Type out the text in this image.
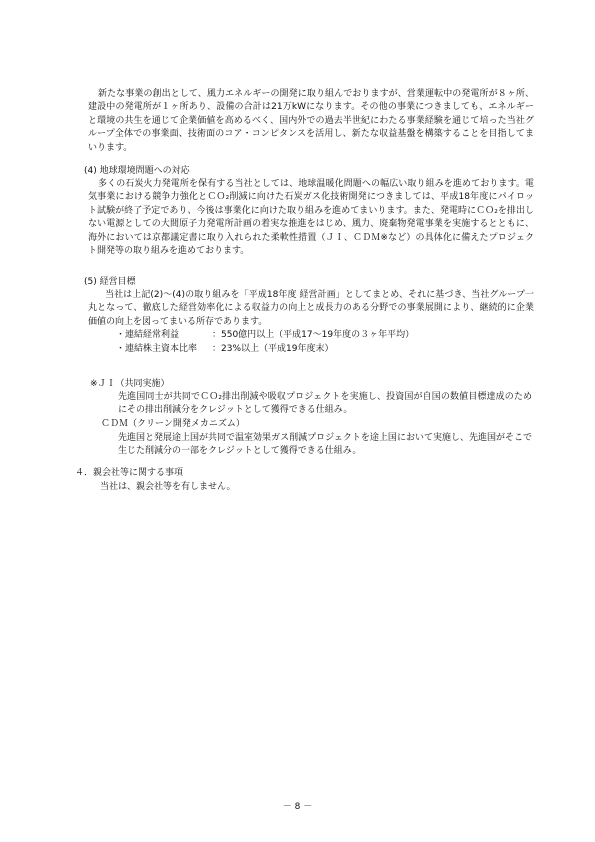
新たな事業の創出として、風力エネルギーの開発に取り組んでおりますが、営業運転中の発電所が８ヶ所、建設中の発電所が１ヶ所あり、設備の合計は21万kWになります。その他の事業につきましても、エネルギーと環境の共生を通じて企業価値を高めるべく、国内外での過去半世紀にわたる事業経験を通じて培った当社グループ全体での事業面、技術面のコア・コンピタンスを活用し、新たな収益基盤を構築することを目指してまいります。

(4) 地球環境問題への対応

多くの石炭火力発電所を保有する当社としては、地球温暖化問題への幅広い取り組みを進めております。電気事業における競争力強化とＣＯ₂削減に向けた石炭ガス化技術開発につきましては、平成18年度にパイロット試験が終了予定であり、今後は事業化に向けた取り組みを進めてまいります。また、発電時にＣＯ₂を排出しない電源としての大間原子力発電所計画の着実な推進をはじめ、風力、廃棄物発電事業を実施するとともに、海外においては京都議定書に取り入れられた柔軟性措置（ＪＩ、ＣＤＭ※など）の具体化に備えたプロジェクト開発等の取り組みを進めております。

(5) 経営目標

当社は上記(2)～(4)の取り組みを「平成18年度 経営計画」としてまとめ、それに基づき、当社グループ一丸となって、徹底した経営効率化による収益力の向上と成長力のある分野での事業展開により、継続的に企業価値の向上を図ってまいる所存であります。

・連結経常利益	：550億円以上（平成17～19年度の３ヶ年平均）

・連結株主資本比率 ：23%以上（平成19年度末）

※ＪＩ（共同実施）

先進国同士が共同でＣＯ₂排出削減や吸収プロジェクトを実施し、投資国が自国の数値目標達成のためにその排出削減分をクレジットとして獲得できる仕組み。

ＣＤＭ（クリーン開発メカニズム）

先進国と発展途上国が共同で温室効果ガス削減プロジェクトを途上国において実施し、先進国がそこで生じた削減分の一部をクレジットとして獲得できる仕組み。

４．親会社等に関する事項

当社は、親会社等を有しません。

－ 8 －
